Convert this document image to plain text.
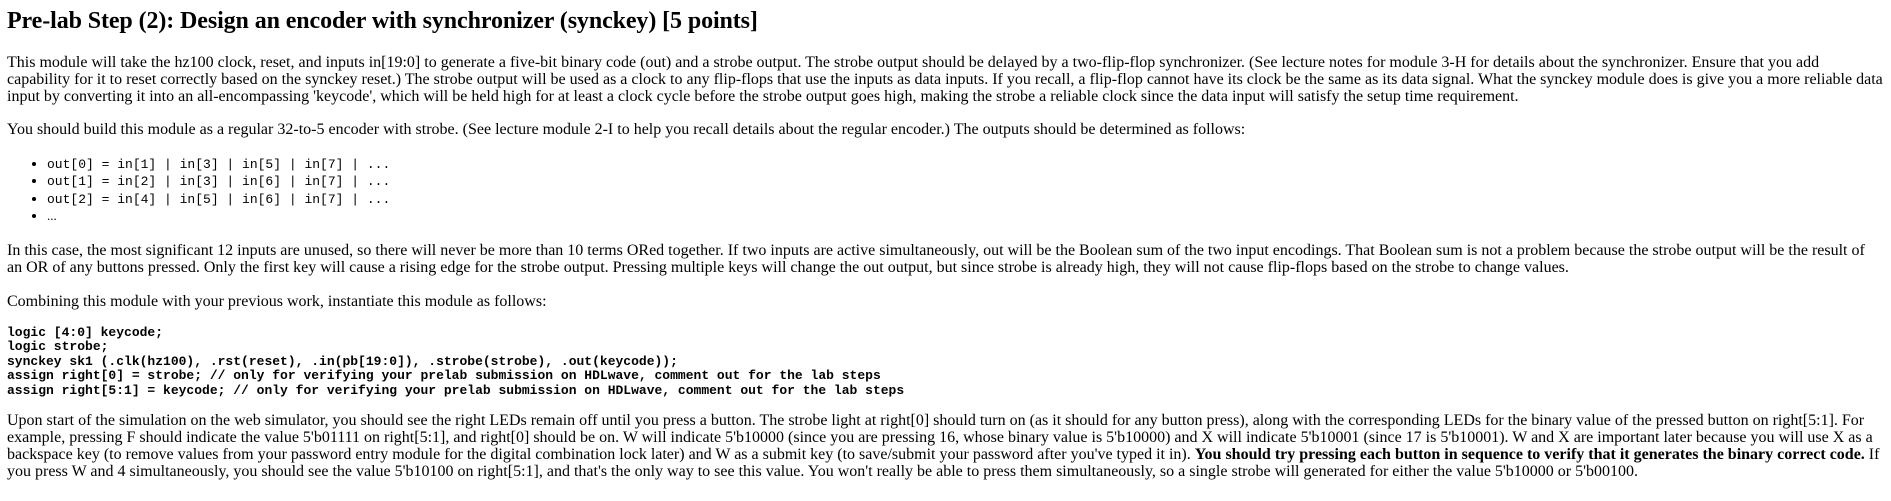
Pre-lab Step (2): Design an encoder with synchronizer (synckey) [5 points]

This module will take the hz100 clock, reset, and inputs in[19:0] to generate a five-bit binary code (out) and a strobe output. The strobe output should be delayed by a two-flip-flop synchronizer. (See lecture notes for module 3-H for details about the synchronizer. Ensure that you add capability for it to reset correctly based on the synckey reset.) The strobe output will be used as a clock to any flip-flops that use the inputs as data inputs. If you recall, a flip-flop cannot have its clock be the same as its data signal. What the synckey module does is give you a more reliable data input by converting it into an all-encompassing 'keycode', which will be held high for at least a clock cycle before the strobe output goes high, making the strobe a reliable clock since the data input will satisfy the setup time requirement.

You should build this module as a regular 32-to-5 encoder with strobe. (See lecture module 2-I to help you recall details about the regular encoder.) The outputs should be determined as follows:

• out[0] = in[1] | in[3] | in[5] | in[7] | ...
• out[1] = in[2] | in[3] | in[6] | in[7] | ...
• out[2] = in[4] | in[5] | in[6] | in[7] | ...
• ...

In this case, the most significant 12 inputs are unused, so there will never be more than 10 terms ORed together. If two inputs are active simultaneously, out will be the Boolean sum of the two input encodings. That Boolean sum is not a problem because the strobe output will be the result of an OR of any buttons pressed. Only the first key will cause a rising edge for the strobe output. Pressing multiple keys will change the out output, but since strobe is already high, they will not cause flip-flops based on the strobe to change values.

Combining this module with your previous work, instantiate this module as follows:

logic [4:0] keycode;
logic strobe;
synckey sk1 (.clk(hz100), .rst(reset), .in(pb[19:0]), .strobe(strobe), .out(keycode));
assign right[0] = strobe; // only for verifying your prelab submission on HDLwave, comment out for the lab steps
assign right[5:1] = keycode; // only for verifying your prelab submission on HDLwave, comment out for the lab steps

Upon start of the simulation on the web simulator, you should see the right LEDs remain off until you press a button. The strobe light at right[0] should turn on (as it should for any button press), along with the corresponding LEDs for the binary value of the pressed button on right[5:1]. For example, pressing F should indicate the value 5'b01111 on right[5:1], and right[0] should be on. W will indicate 5'b10000 (since you are pressing 16, whose binary value is 5'b10000) and X will indicate 5'b10001 (since 17 is 5'b10001). W and X are important later because you will use X as a backspace key (to remove values from your password entry module for the digital combination lock later) and W as a submit key (to save/submit your password after you've typed it in). You should try pressing each button in sequence to verify that it generates the binary correct code. If you press W and 4 simultaneously, you should see the value 5'b10100 on right[5:1], and that's the only way to see this value. You won't really be able to press them simultaneously, so a single strobe will generated for either the value 5'b10000 or 5'b00100.
